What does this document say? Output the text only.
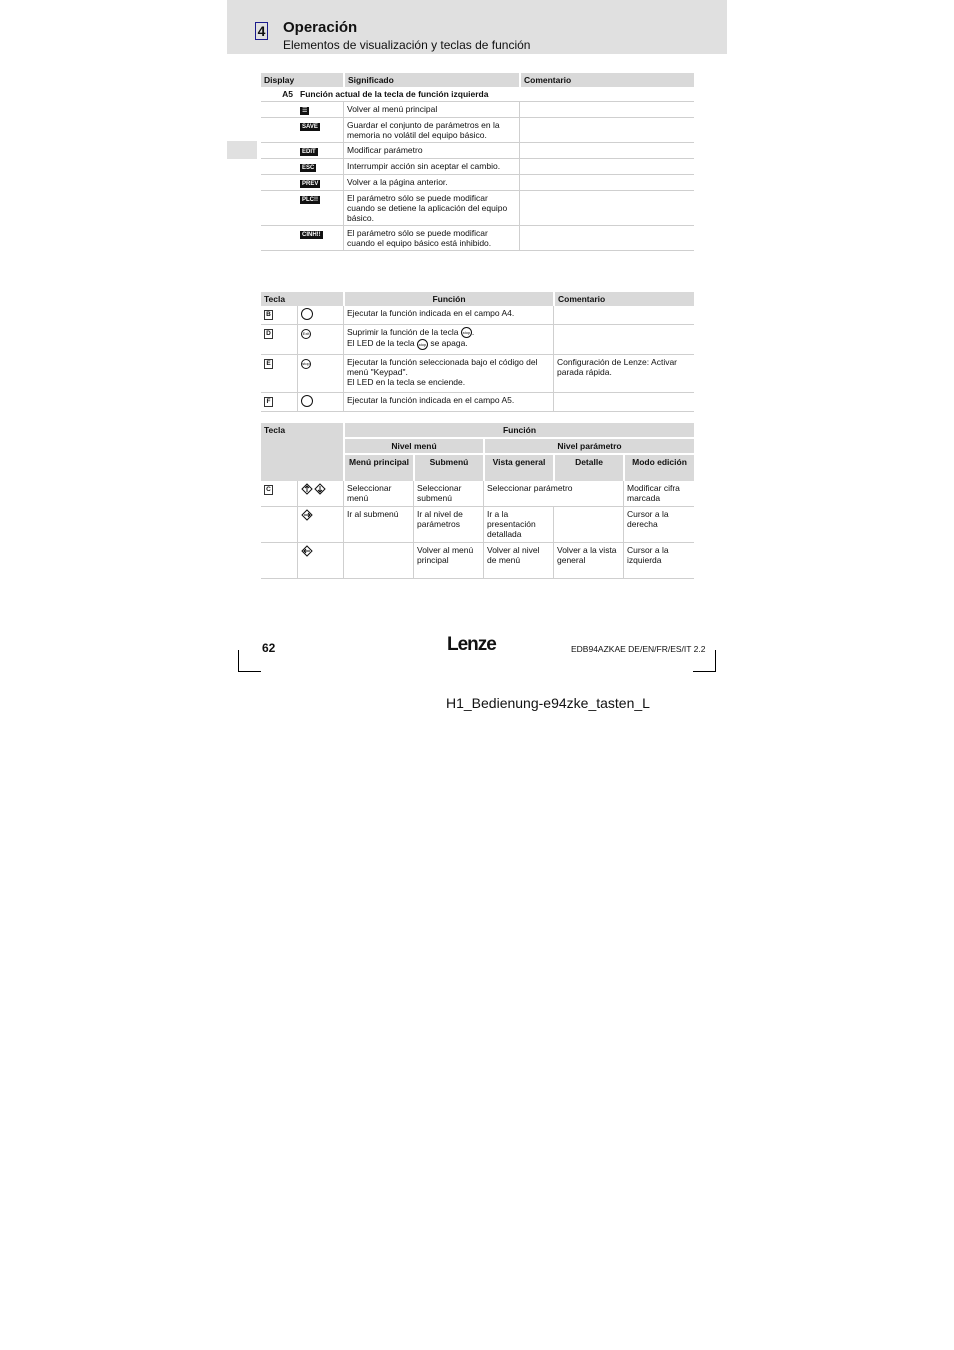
4 Operación
Elementos de visualización y teclas de función
Display		Significado	Comentario
A5	Función actual de la tecla de función izquierda		
	☰	Volver al menú principal	
	SAVE	Guardar el conjunto de parámetros en la memoria no volátil del equipo básico.	
	EDIT	Modificar parámetro	
	ESC	Interrumpir acción sin aceptar el cambio.	
	PREV	Volver a la página anterior.	
	PLC!!	El parámetro sólo se puede modificar cuando se detiene la aplicación del equipo básico.	
	CINH!!	El parámetro sólo se puede modificar cuando el equipo básico está inhibido.	
Tecla		Función	Comentario
B		Ejecutar la función indicada en el campo A4.	
D	Exit	Suprimir la función de la tecla stop .
El LED de la tecla stop se apaga.	
E	stop	Ejecutar la función seleccionada bajo el código del menú "Keypad".
El LED en la tecla se enciende.	Configuración de Lenze: Activar parada rápida.
F		Ejecutar la función indicada en el campo A5.	
Tecla		Función				
		Nivel menú		Nivel parámetro		
		Menú principal	Submenú	Vista general	Detalle	Modo edición
C		Seleccionar menú	Seleccionar submenú	Seleccionar parámetro		Modificar cifra marcada
		Ir al submenú	Ir al nivel de parámetros	Ir a la presentación detallada		Cursor a la derecha
			Volver al menú principal	Volver al nivel de menú	Volver a la vista general	Cursor a la izquierda
62	Lenze	EDB94AZKAE DE/EN/FR/ES/IT 2.2
H1_Bedienung-e94zke_tasten_L
